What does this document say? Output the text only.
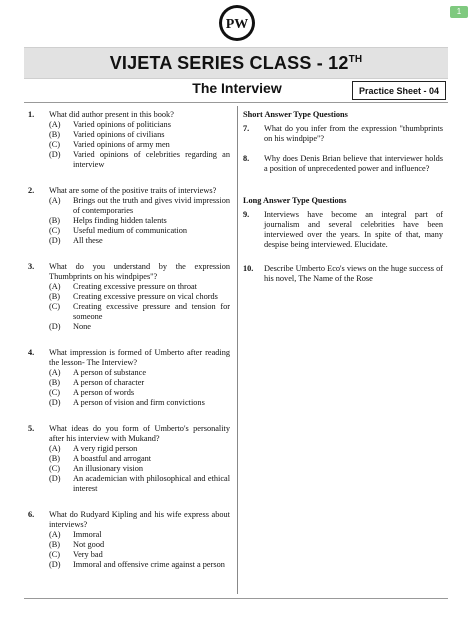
1
PW
VIJETA SERIES CLASS - 12TH
The Interview	Practice Sheet - 04
1.	What did author present in this book?
(A)	Varied opinions of politicians
(B)	Varied opinions of civilians
(C)	Varied opinions of army men
(D)	Varied opinions of celebrities regarding an interview
2.	What are some of the positive traits of interviews?
(A)	Brings out the truth and gives vivid impression of contemporaries
(B)	Helps finding hidden talents
(C)	Useful medium of communication
(D)	All these
3.	What do you understand by the expression Thumbprints on his windpipes"?
(A)	Creating excessive pressure on throat
(B)	Creating excessive pressure on vical chords
(C)	Creating excessive pressure and tension for someone
(D)	None
4.	What impression is formed of Umberto after reading the lesson- The Interview?
(A)	A person of substance
(B)	A person of character
(C)	A person of words
(D)	A person of vision and firm convictions
5.	What ideas do you form of Umberto's personality after his interview with Mukand?
(A)	A very rigid person
(B)	A boastful and arrogant
(C)	An illusionary vision
(D)	An academician with philosophical and ethical interest
6.	What do Rudyard Kipling and his wife express about interviews?
(A)	Immoral
(B)	Not good
(C)	Very bad
(D)	Immoral and offensive crime against a person
Short Answer Type Questions
7.	What do you infer from the expression "thumbprints on his windpipe"?
8.	Why does Denis Brian believe that interviewer holds a position of unprecedented power and influence?
Long Answer Type Questions
9.	Interviews have become an integral part of journalism and several celebrities have been interviewed over the years. In spite of that, many despise being interviewed. Elucidate.
10.	Describe Umberto Eco's views on the huge success of his novel, The Name of the Rose
